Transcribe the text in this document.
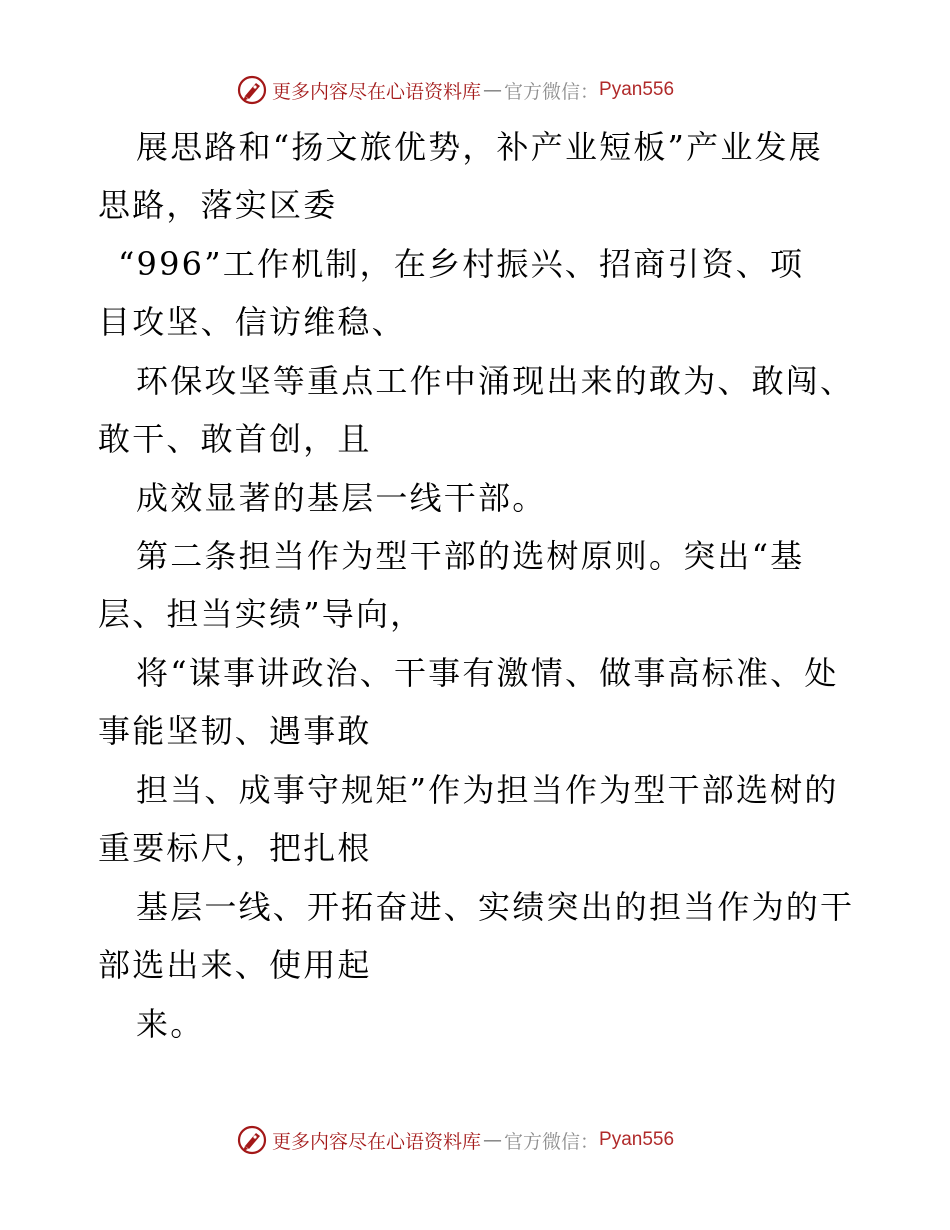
更多内容尽在心语资料库 — 官方微信： Pyan556
展思路和“扬文旅优势，补产业短板”产业发展
思路，落实区委
“996”工作机制，在乡村振兴、招商引资、项
目攻坚、信访维稳、
环保攻坚等重点工作中涌现出来的敢为、敢闯、
敢干、敢首创，且
成效显著的基层一线干部。
第二条担当作为型干部的选树原则。突出“基
层、担当实绩”导向，
将“谋事讲政治、干事有激情、做事高标准、处
事能坚韧、遇事敢
担当、成事守规矩”作为担当作为型干部选树的
重要标尺，把扎根
基层一线、开拓奋进、实绩突出的担当作为的干
部选出来、使用起
来。
更多内容尽在心语资料库 — 官方微信： Pyan556
